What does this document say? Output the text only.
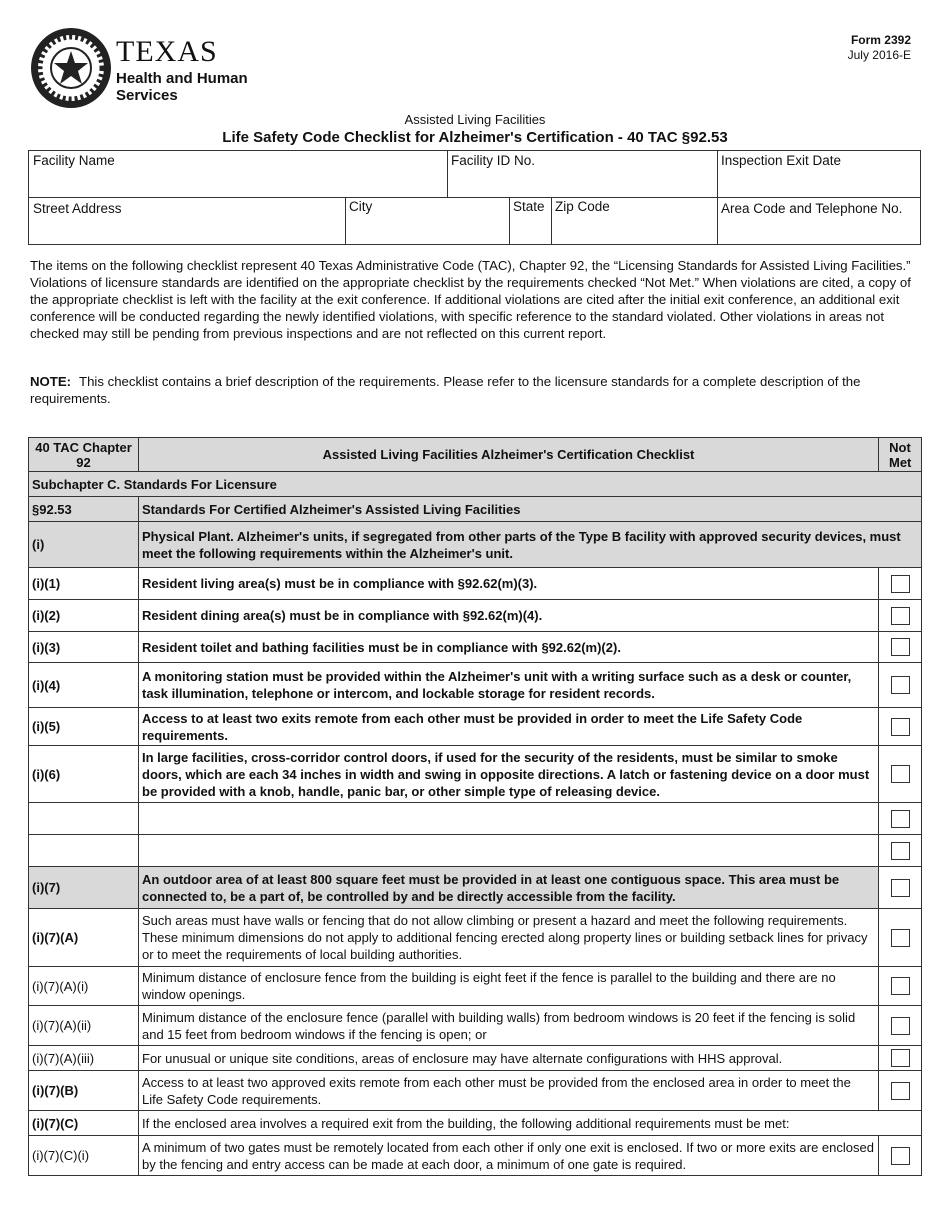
TEXAS
Health and Human
Services
Form 2392
July 2016-E
Assisted Living Facilities
Life Safety Code Checklist for Alzheimer's Certification - 40 TAC §92.53
Facility Name	Facility ID No.	Inspection Exit Date
Street Address	City	State Zip Code	Area Code and Telephone No.
The items on the following checklist represent 40 Texas Administrative Code (TAC), Chapter 92, the “Licensing Standards for Assisted Living Facilities.” Violations of licensure standards are identified on the appropriate checklist by the requirements checked “Not Met.” When violations are cited, a copy of the appropriate checklist is left with the facility at the exit conference. If additional violations are cited after the initial exit conference, an additional exit conference will be conducted regarding the newly identified violations, with specific reference to the standard violated. Other violations in areas not checked may still be pending from previous inspections and are not reflected on this current report.
NOTE: This checklist contains a brief description of the requirements. Please refer to the licensure standards for a complete description of the requirements.
40 TAC Chapter 92	Assisted Living Facilities Alzheimer's Certification Checklist	Not Met
Subchapter C. Standards For Licensure		
§92.53	Standards For Certified Alzheimer's Assisted Living Facilities	
(i)	Physical Plant. Alzheimer's units, if segregated from other parts of the Type B facility with approved security devices, must meet the following requirements within the Alzheimer's unit.	
(i)(1)	Resident living area(s) must be in compliance with §92.62(m)(3).	

(i)(2)	Resident dining area(s) must be in compliance with §92.62(m)(4).	

(i)(3)	Resident toilet and bathing facilities must be in compliance with §92.62(m)(2).	

(i)(4)	A monitoring station must be provided within the Alzheimer's unit with a writing surface such as a desk or counter, task illumination, telephone or intercom, and lockable storage for resident records.	

(i)(5)	Access to at least two exits remote from each other must be provided in order to meet the Life Safety Code requirements.	

(i)(6)	In large facilities, cross-corridor control doors, if used for the security of the residents, must be similar to smoke doors, which are each 34 inches in width and swing in opposite directions. A latch or fastening device on a door must be provided with a knob, handle, panic bar, or other simple type of releasing device.	

(i)(7)	An outdoor area of at least 800 square feet must be provided in at least one contiguous space. This area must be connected to, be a part of, be controlled by and be directly accessible from the facility.	

(i)(7)(A)	Such areas must have walls or fencing that do not allow climbing or present a hazard and meet the following requirements. These minimum dimensions do not apply to additional fencing erected along property lines or building setback lines for privacy or to meet the requirements of local building authorities.	

(i)(7)(A)(i)	Minimum distance of enclosure fence from the building is eight feet if the fence is parallel to the building and there are no window openings.	

(i)(7)(A)(ii)	Minimum distance of the enclosure fence (parallel with building walls) from bedroom windows is 20 feet if the fencing is solid and 15 feet from bedroom windows if the fencing is open; or	

(i)(7)(A)(iii)	For unusual or unique site conditions, areas of enclosure may have alternate configurations with HHS approval.	

(i)(7)(B)	Access to at least two approved exits remote from each other must be provided from the enclosed area in order to meet the Life Safety Code requirements.	

(i)(7)(C)	If the enclosed area involves a required exit from the building, the following additional requirements must be met:	
(i)(7)(C)(i)	A minimum of two gates must be remotely located from each other if only one exit is enclosed. If two or more exits are enclosed by the fencing and entry access can be made at each door, a minimum of one gate is required.	
